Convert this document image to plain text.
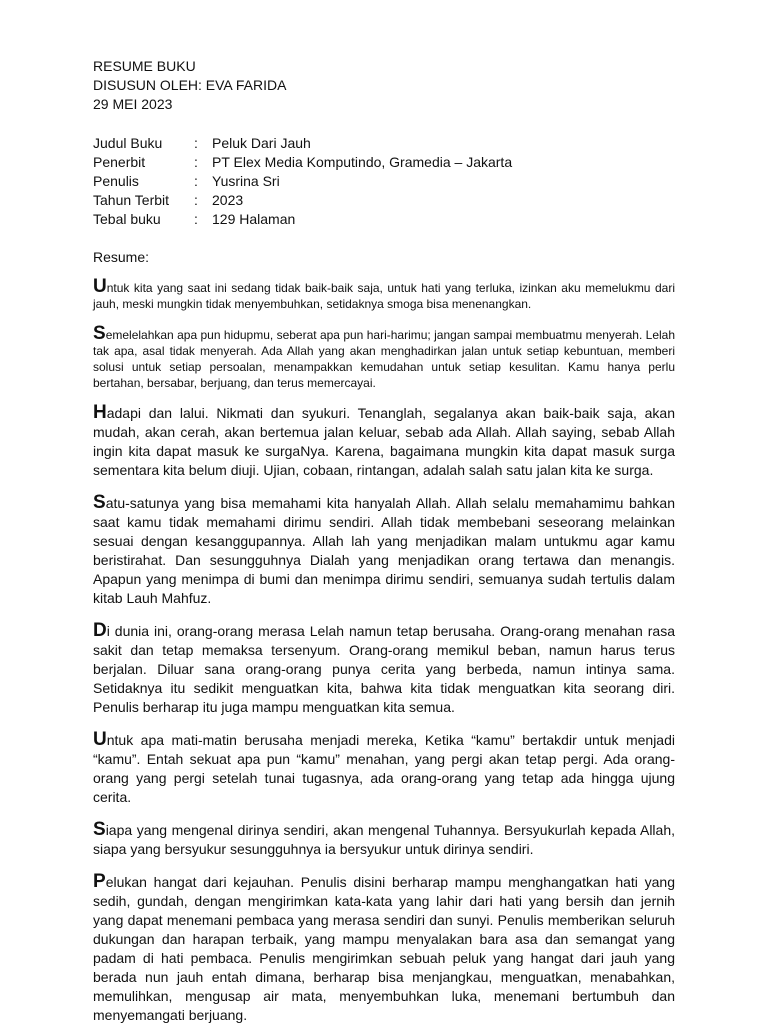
RESUME BUKU
DISUSUN OLEH: EVA FARIDA
29 MEI 2023
Judul Buku	:	Peluk Dari Jauh
Penerbit	:	PT Elex Media Komputindo, Gramedia – Jakarta
Penulis	:	Yusrina Sri
Tahun Terbit	:	2023
Tebal buku	:	129 Halaman
Resume:

Untuk kita yang saat ini sedang tidak baik-baik saja, untuk hati yang terluka, izinkan aku memelukmu dari jauh, meski mungkin tidak menyembuhkan, setidaknya smoga bisa menenangkan.

Semelelahkan apa pun hidupmu, seberat apa pun hari-harimu; jangan sampai membuatmu menyerah. Lelah tak apa, asal tidak menyerah. Ada Allah yang akan menghadirkan jalan untuk setiap kebuntuan, memberi solusi untuk setiap persoalan, menampakkan kemudahan untuk setiap kesulitan. Kamu hanya perlu bertahan, bersabar, berjuang, dan terus memercayai.

Hadapi dan lalui. Nikmati dan syukuri. Tenanglah, segalanya akan baik-baik saja, akan mudah, akan cerah, akan bertemua jalan keluar, sebab ada Allah. Allah saying, sebab Allah ingin kita dapat masuk ke surgaNya. Karena, bagaimana mungkin kita dapat masuk surga sementara kita belum diuji. Ujian, cobaan, rintangan, adalah salah satu jalan kita ke surga.

Satu-satunya yang bisa memahami kita hanyalah Allah. Allah selalu memahamimu bahkan saat kamu tidak memahami dirimu sendiri. Allah tidak membebani seseorang melainkan sesuai dengan kesanggupannya. Allah lah yang menjadikan malam untukmu agar kamu beristirahat. Dan sesungguhnya Dialah yang menjadikan orang tertawa dan menangis. Apapun yang menimpa di bumi dan menimpa dirimu sendiri, semuanya sudah tertulis dalam kitab Lauh Mahfuz.

Di dunia ini, orang-orang merasa Lelah namun tetap berusaha. Orang-orang menahan rasa sakit dan tetap memaksa tersenyum. Orang-orang memikul beban, namun harus terus berjalan. Diluar sana orang-orang punya cerita yang berbeda, namun intinya sama. Setidaknya itu sedikit menguatkan kita, bahwa kita tidak menguatkan kita seorang diri. Penulis berharap itu juga mampu menguatkan kita semua.

Untuk apa mati-matin berusaha menjadi mereka, Ketika “kamu” bertakdir untuk menjadi “kamu”. Entah sekuat apa pun “kamu” menahan, yang pergi akan tetap pergi. Ada orang-orang yang pergi setelah tunai tugasnya, ada orang-orang yang tetap ada hingga ujung cerita.

Siapa yang mengenal dirinya sendiri, akan mengenal Tuhannya. Bersyukurlah kepada Allah, siapa yang bersyukur sesungguhnya ia bersyukur untuk dirinya sendiri.

Pelukan hangat dari kejauhan. Penulis disini berharap mampu menghangatkan hati yang sedih, gundah, dengan mengirimkan kata-kata yang lahir dari hati yang bersih dan jernih yang dapat menemani pembaca yang merasa sendiri dan sunyi. Penulis memberikan seluruh dukungan dan harapan terbaik, yang mampu menyalakan bara asa dan semangat yang padam di hati pembaca. Penulis mengirimkan sebuah peluk yang hangat dari jauh yang berada nun jauh entah dimana, berharap bisa menjangkau, menguatkan, menabahkan, memulihkan, mengusap air mata, menyembuhkan luka, menemani bertumbuh dan menyemangati berjuang.
